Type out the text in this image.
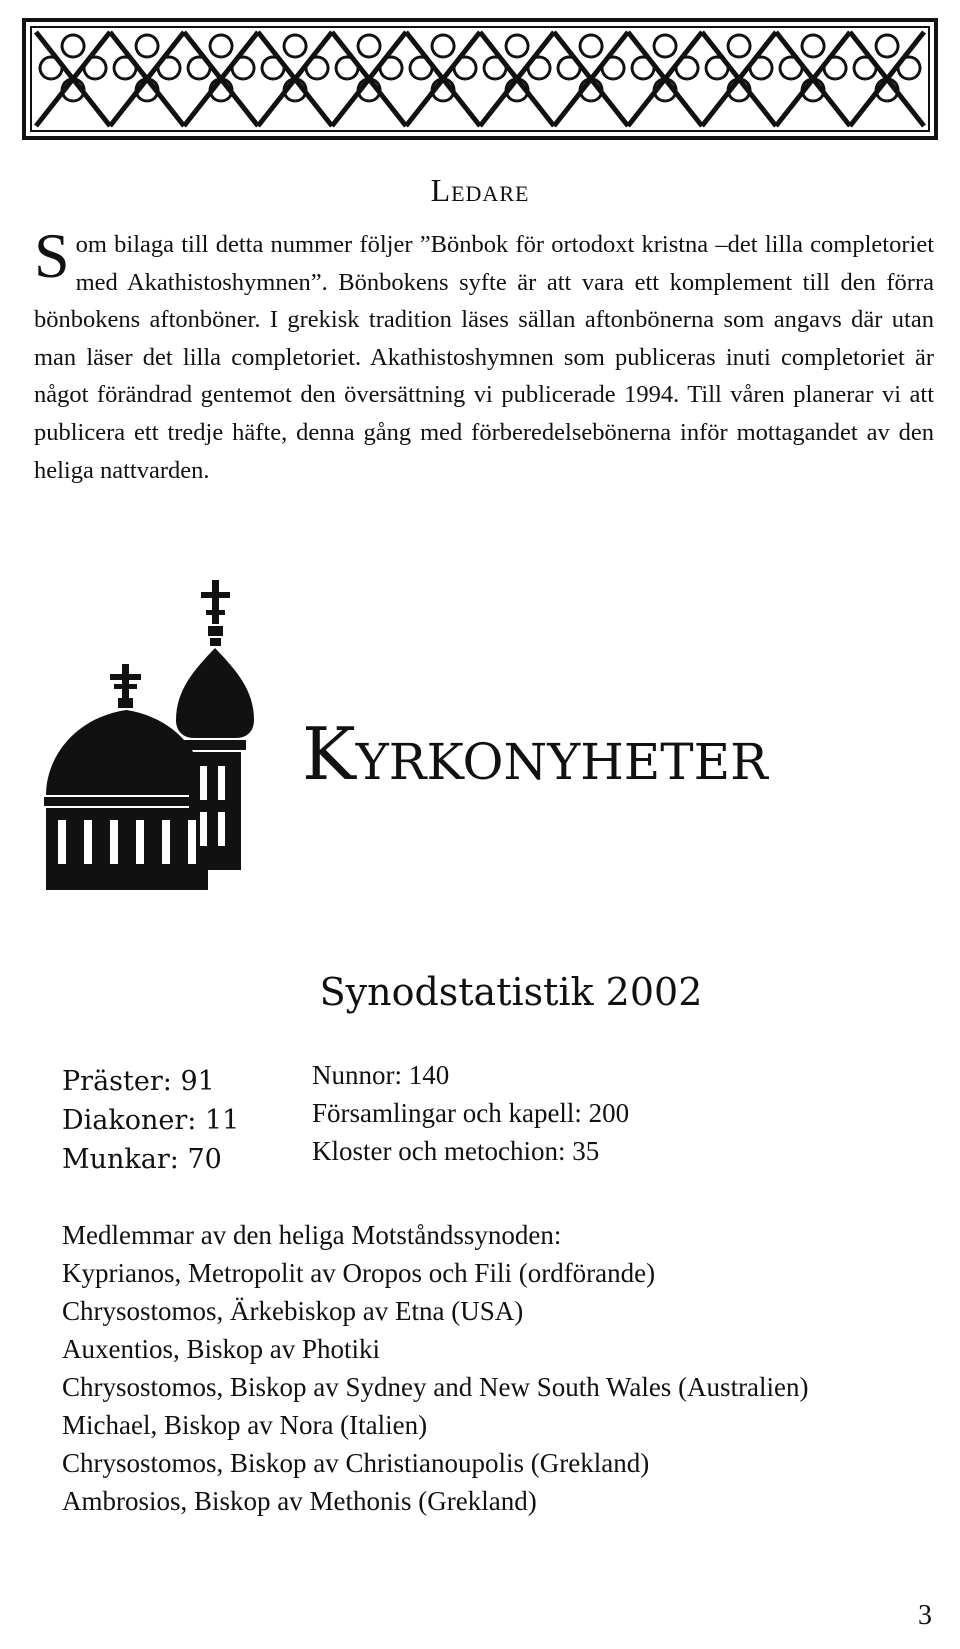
Ledare

Som bilaga till detta nummer följer ”Bönbok för ortodoxt kristna –det lilla completoriet med Akathistoshymnen”. Bönbokens syfte är att vara ett komplement till den förra bönbokens aftonböner. I grekisk tradition läses sällan aftonbönerna som angavs där utan man läser det lilla completoriet. Akathistoshymnen som publiceras inuti completoriet är något förändrad gentemot den översättning vi publicerade 1994. Till våren planerar vi att publicera ett tredje häfte, denna gång med förberedelsebönerna inför mottagandet av den heliga nattvarden.

Kyrkonyheter
Synodstatistik 2002
Präster: 91
Diakoner: 11
Munkar: 70
Nunnor: 140
Församlingar och kapell: 200
Kloster och metochion: 35
Medlemmar av den heliga Motståndssynoden:
Kyprianos, Metropolit av Oropos och Fili (ordförande)
Chrysostomos, Ärkebiskop av Etna (USA)
Auxentios, Biskop av Photiki
Chrysostomos, Biskop av Sydney and New South Wales (Australien)
Michael, Biskop av Nora (Italien)
Chrysostomos, Biskop av Christianoupolis (Grekland)
Ambrosios, Biskop av Methonis (Grekland)
3
